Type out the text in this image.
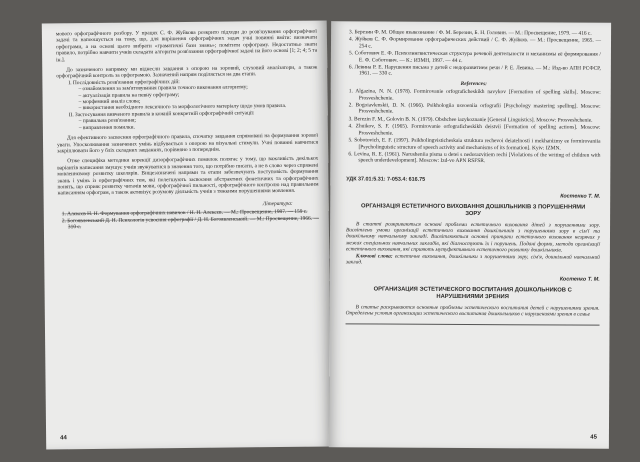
мового орфографічного розбору. У працях С. Ф. Жуйкова розкрито підходи до розв'язування орфографічної задачі та напоошується на тому, що, для вирішення орфографічних задач учні повинні вміти: визначати орфограми, а на основі цього вибрати «граматичні бази знань»; помітити орфограму. Недостатньо знати правило, потрібно навчити учнів складати алгоритм розв'язання орфографічної задачі на його основі [1; 2; 4; 5 та ін.].

До зазначеного напрямку ми віднесли завдання з опорою на зоровий, слуховий аналізатори, а також орфографічний контроль за орфограмою. Зазначений напрям поділяється на два етапи.

I. Послідовність розв'язання орфографічних дій:

– ознайомлення за зам'ятовування правила точного виконання алгоритму;

– актуалізація правила на певну орфограму;

– морфемний аналіз слова;

– використання необхідного лексичного та морфологічного матеріалу щодо умов правила.

II. Застосування вивченого правила в кожній конкретній орфографічній ситуації:

– правильна розв'язання;

– виправлення помилки.

Для ефективного засвоєння орфографічного правила, спочатку завдання спрямовані на формування зорової уваги. Упосколювання зазначених умінь відбувається з опорою на візуальні стимули. Учні повинні навчитися закріплювати його у бліх складних завданнях, порівняно з попереднім.

Отже специфіка методики корекції дизорфографічних помилок полягає у тому, що важливість декількох варіантів написання змушує учнів звужуватися в значення того, що потрібно писати, а не в слово через спряжені мовленнєвому розвитку школярів. Вищезазначені напрями та етапи забезпечують поступовість формування знань і умінь із орфографічних тем, які полегшують засвоєння абстрактних фонетичних та орфографічних понять, що сприяє розвитку читачів мови, орфографічної пильності, орфографічного контролю над правильним написанням орфограм, а також активізує розумову діяльність учнів з тяжкими порушеннями мовлення.

Література:

1. Алєксєв Н. Н. Формування орфографічних навичок / Н. Н. Алєксєв. — М.: Просвещение, 1987. — 159 с.

2. Богоявленський Д. Н. Психологія усвоєння орфографії / Д. Н. Богоявленський. — М.: Просвещение, 1966. — 310 с.

44

3. Березин Ф. М. Общее языкознание / Ф. М. Березин, Б. Н. Головин. — М.: Просвещение, 1979. — 416 с.

4. Жуйков С. Ф. Формирование орфографических действий / С. Ф. Жуйков. — М.: Просвещение, 1965. — 254 с.

5. Соботович Е. Ф. Психолингвистическая структура речевой деятельности и механизмы её формирования / Е. Ф. Соботович. — К.: ИЗМН, 1997. — 44 с.

6. Левина Р. Е. Нарушения письма у детей с недоразвитием речи / Р. Е. Левина. — М.: Изд-во АПН РСФСР, 1961. — 330 с.

References:

1. Algazina, N. N. (1978). Formirovanie orfograficheskikh navykov [Formation of spelling skills]. Moscow: Prosveshchenie.

2. Bogoiavlenskii, D. N. (1966). Psikhologiia usvoeniia orfografii [Psychology mastering spelling]. Moscow: Prosveshchenie.

3. Berezin F. M., Golovin B. N. (1979). Obshchee iazykoznanie [General Linguistics]. Moscow: Prosveshchenie.

4. Zhuikov, S. F. (1965). Formirovanie orfograficheskikh deistvii [Formation of spelling actions]. Moscow: Prosveshchenie.

5. Sobotovich, E. F. (1997). Psikholingvisticheskaia struktura rechevoi deiatelnosti i mekhanizmy ee formirovaniia [Psycholinguistic structure of speech activity and mechanisms of its formation]. Kyiv: IZMN.

6. Levina, R. E. (1961). Narusheniia pisma u detei s nedorazvitiem rechi [Violations of the writing of children with speech underdevelopment]. Moscow: Izd-vo APN RSFSR.

УДК 37.01:5.31: 7-053.4: 616.75

Костенко Т. М.

ОРГАНІЗАЦІЯ ЕСТЕТИЧНОГО ВИХОВАННЯ ДОШКІЛЬНИКІВ З ПОРУШЕННЯМИ ЗОРУ

В статті розкриваються основні проблеми естетичного виховання дітей з порушеннями зору. Висвітлено умови організації естетичного виховання дошкільників з порушеннями зору в сім'ї та дошкільному навчальному закладі. Висвітлюються основні принципи естетичного виховання незрячих у межах спеціальних навчальних закладів, які діагностують їх і порушень. Подані форми, методи організації естетичного виховання, які сприяють мутуфективного естетичного розвитку дошкільників.

Ключові слова: естетичне виховання, дошкільники з порушеннями зору, сім'я, дошкільний навчальний заклад.

Костенко Т. М.

ОРГАНИЗАЦИЯ ЭСТЕТИЧЕСКОГО ВОСПИТАНИЯ ДОШКОЛЬНИКОВ С НАРУШЕНИЯМИ ЗРЕНИЯ

В статье раскрываются основные проблемы эстетического воспитания детей с нарушениями зрения. Определены условия организации эстетического воспитания дошкольников с нарушениями зрения в семье

45
